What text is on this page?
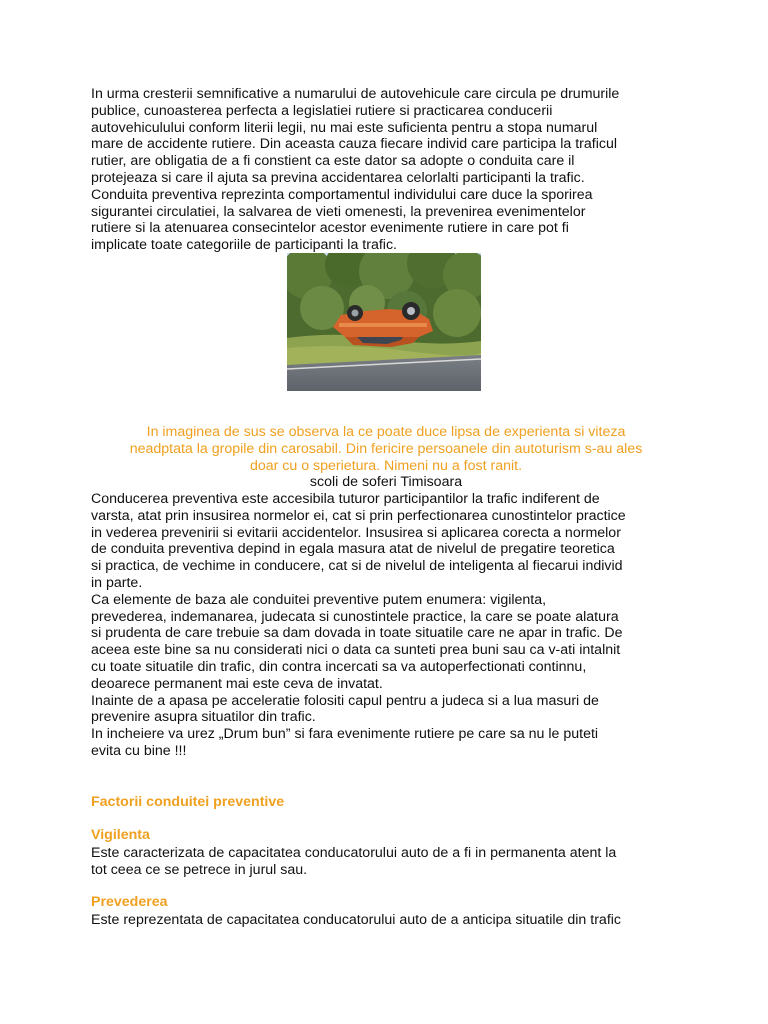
In urma cresterii semnificative a numarului de autovehicule care circula pe drumurile
publice, cunoasterea perfecta a legislatiei rutiere si practicarea conducerii
autovehiculului conform literii legii, nu mai este suficienta pentru a stopa numarul
mare de accidente rutiere. Din aceasta cauza fiecare individ care participa la traficul
rutier, are obligatia de a fi constient ca este dator sa adopte o conduita care il
protejeaza si care il ajuta sa previna accidentarea celorlalti participanti la trafic.
Conduita preventiva reprezinta comportamentul individului care duce la sporirea
sigurantei circulatiei, la salvarea de vieti omenesti, la prevenirea evenimentelor
rutiere si la atenuarea consecintelor acestor evenimente rutiere in care pot fi
implicate toate categoriile de participanti la trafic.

In imaginea de sus se observa la ce poate duce lipsa de experienta si viteza
neadptata la gropile din carosabil. Din fericire persoanele din autoturism s-au ales
doar cu o sperietura. Nimeni nu a fost ranit.

scoli de soferi Timisoara

Conducerea preventiva este accesibila tuturor participantilor la trafic indiferent de
varsta, atat prin insusirea normelor ei, cat si prin perfectionarea cunostintelor practice
in vederea prevenirii si evitarii accidentelor. Insusirea si aplicarea corecta a normelor
de conduita preventiva depind in egala masura atat de nivelul de pregatire teoretica
si practica, de vechime in conducere, cat si de nivelul de inteligenta al fiecarui individ
in parte.
Ca elemente de baza ale conduitei preventive putem enumera: vigilenta,
prevederea, indemanarea, judecata si cunostintele practice, la care se poate alatura
si prudenta de care trebuie sa dam dovada in toate situatile care ne apar in trafic. De
aceea este bine sa nu considerati nici o data ca sunteti prea buni sau ca v-ati intalnit
cu toate situatile din trafic, din contra incercati sa va autoperfectionati continnu,
deoarece permanent mai este ceva de invatat.
Inainte de a apasa pe acceleratie folositi capul pentru a judeca si a lua masuri de
prevenire asupra situatilor din trafic.
In incheiere va urez „Drum bun” si fara evenimente rutiere pe care sa nu le puteti
evita cu bine !!!

Factorii conduitei preventive

Vigilenta

Este caracterizata de capacitatea conducatorului auto de a fi in permanenta atent la
tot ceea ce se petrece in jurul sau.

Prevederea

Este reprezentata de capacitatea conducatorului auto de a anticipa situatile din trafic
